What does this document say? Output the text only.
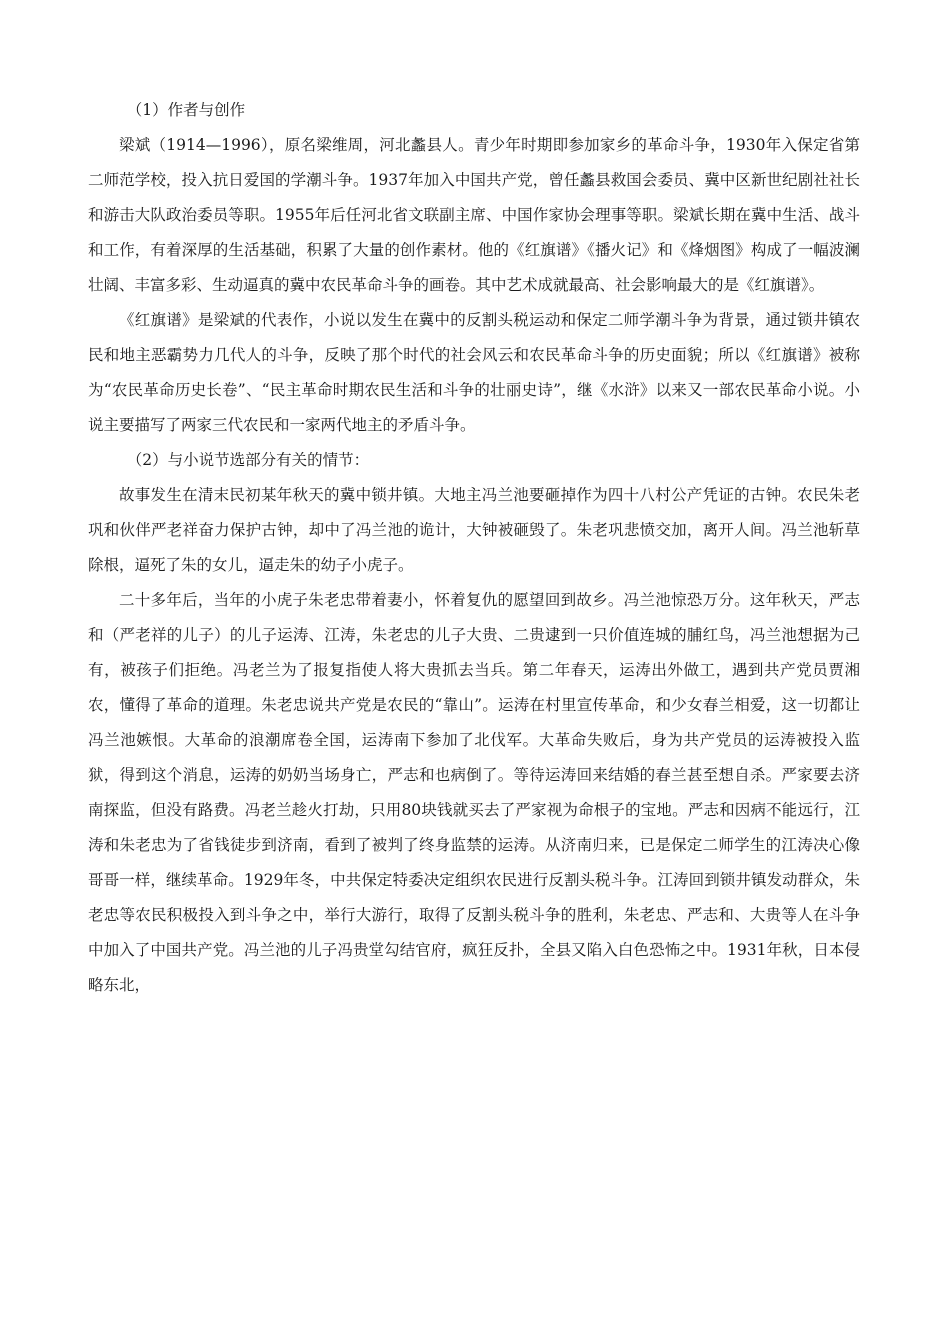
（1）作者与创作

梁斌（1914—1996），原名梁维周，河北蠡县人。青少年时期即参加家乡的革命斗争，1930年入保定省第二师范学校，投入抗日爱国的学潮斗争。1937年加入中国共产党，曾任蠡县救国会委员、冀中区新世纪剧社社长和游击大队政治委员等职。1955年后任河北省文联副主席、中国作家协会理事等职。梁斌长期在冀中生活、战斗和工作，有着深厚的生活基础，积累了大量的创作素材。他的《红旗谱》《播火记》和《烽烟图》构成了一幅波澜壮阔、丰富多彩、生动逼真的冀中农民革命斗争的画卷。其中艺术成就最高、社会影响最大的是《红旗谱》。

《红旗谱》是梁斌的代表作，小说以发生在冀中的反割头税运动和保定二师学潮斗争为背景，通过锁井镇农民和地主恶霸势力几代人的斗争，反映了那个时代的社会风云和农民革命斗争的历史面貌；所以《红旗谱》被称为“农民革命历史长卷”、“民主革命时期农民生活和斗争的壮丽史诗”，继《水浒》以来又一部农民革命小说。小说主要描写了两家三代农民和一家两代地主的矛盾斗争。

（2）与小说节选部分有关的情节：

故事发生在清末民初某年秋天的冀中锁井镇。大地主冯兰池要砸掉作为四十八村公产凭证的古钟。农民朱老巩和伙伴严老祥奋力保护古钟，却中了冯兰池的诡计，大钟被砸毁了。朱老巩悲愤交加，离开人间。冯兰池斩草除根，逼死了朱的女儿，逼走朱的幼子小虎子。

二十多年后，当年的小虎子朱老忠带着妻小，怀着复仇的愿望回到故乡。冯兰池惊恐万分。这年秋天，严志和（严老祥的儿子）的儿子运涛、江涛，朱老忠的儿子大贵、二贵逮到一只价值连城的脯红鸟，冯兰池想据为己有，被孩子们拒绝。冯老兰为了报复指使人将大贵抓去当兵。第二年春天，运涛出外做工，遇到共产党员贾湘农，懂得了革命的道理。朱老忠说共产党是农民的“靠山”。运涛在村里宣传革命，和少女春兰相爱，这一切都让冯兰池嫉恨。大革命的浪潮席卷全国，运涛南下参加了北伐军。大革命失败后，身为共产党员的运涛被投入监狱，得到这个消息，运涛的奶奶当场身亡，严志和也病倒了。等待运涛回来结婚的春兰甚至想自杀。严家要去济南探监，但没有路费。冯老兰趁火打劫，只用80块钱就买去了严家视为命根子的宝地。严志和因病不能远行，江涛和朱老忠为了省钱徒步到济南，看到了被判了终身监禁的运涛。从济南归来，已是保定二师学生的江涛决心像哥哥一样，继续革命。1929年冬，中共保定特委决定组织农民进行反割头税斗争。江涛回到锁井镇发动群众，朱老忠等农民积极投入到斗争之中，举行大游行，取得了反割头税斗争的胜利，朱老忠、严志和、大贵等人在斗争中加入了中国共产党。冯兰池的儿子冯贵堂勾结官府，疯狂反扑，全县又陷入白色恐怖之中。1931年秋，日本侵略东北，
